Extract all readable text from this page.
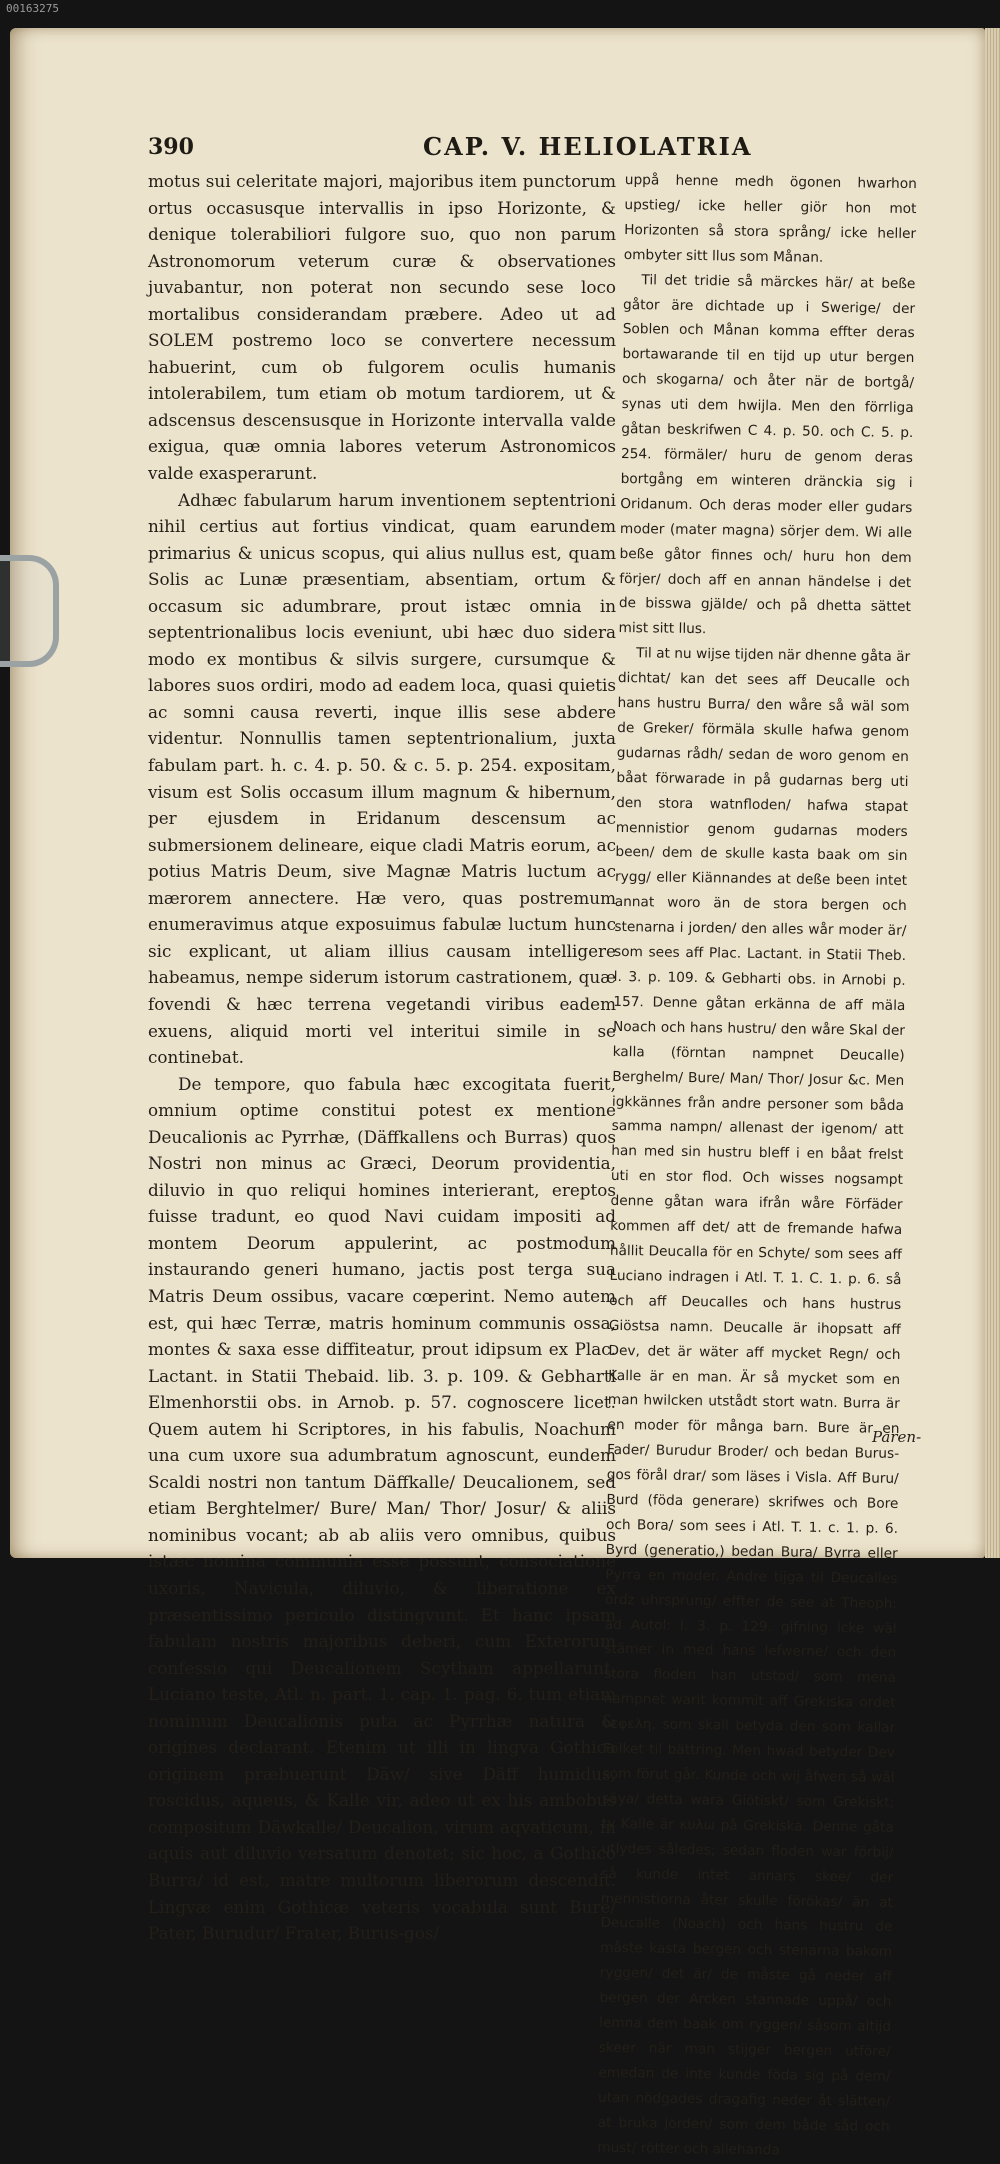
00163275
390	CAP. V. HELIOLATRIA

motus sui celeritate majori, majoribus item punctorum ortus occasusque intervallis in ipso Horizonte, & denique tolerabiliori fulgore suo, quo non parum Astronomorum veterum curæ & observationes juvabantur, non poterat non secundo sese loco mortalibus considerandam præbere. Adeo ut ad SOLEM postremo loco se convertere necessum habuerint, cum ob fulgorem oculis humanis intolerabilem, tum etiam ob motum tardiorem, ut & adscensus descensusque in Horizonte intervalla valde exigua, quæ omnia labores veterum Astronomicos valde exasperarunt.

Adhæc fabularum harum inventionem septentrioni nihil certius aut fortius vindicat, quam earundem primarius & unicus scopus, qui alius nullus est, quam Solis ac Lunæ præsentiam, absentiam, ortum & occasum sic adumbrare, prout istæc omnia in septentrionalibus locis eveniunt, ubi hæc duo sidera modo ex montibus & silvis surgere, cursumque & labores suos ordiri, modo ad eadem loca, quasi quietis ac somni causa reverti, inque illis sese abdere videntur. Nonnullis tamen septentrionalium, juxta fabulam part. h. c. 4. p. 50. & c. 5. p. 254. expositam, visum est Solis occasum illum magnum & hibernum, per ejusdem in Eridanum descensum ac submersionem delineare, eique cladi Matris eorum, ac potius Matris Deum, sive Magnæ Matris luctum ac mærorem annectere. Hæ vero, quas postremum enumeravimus atque exposuimus fabulæ luctum hunc sic explicant, ut aliam illius causam intelligere habeamus, nempe siderum istorum castrationem, quæ fovendi & hæc terrena vegetandi viribus eadem exuens, aliquid morti vel interitui simile in se continebat.

De tempore, quo fabula hæc excogitata fuerit, omnium optime constitui potest ex mentione Deucalionis ac Pyrrhæ, (Däffkallens och Burras) quos Nostri non minus ac Græci, Deorum providentia, diluvio in quo reliqui homines interierant, ereptos fuisse tradunt, eo quod Navi cuidam impositi ad montem Deorum appulerint, ac postmodum instaurando generi humano, jactis post terga sua Matris Deum ossibus, vacare cœperint. Nemo autem est, qui hæc Terræ, matris hominum communis ossa, montes & saxa esse diffiteatur, prout idipsum ex Plac. Lactant. in Statii Thebaid. lib. 3. p. 109. & Gebharti Elmenhorstii obs. in Arnob. p. 57. cognoscere licet. Quem autem hi Scriptores, in his fabulis, Noachum una cum uxore sua adumbratum agnoscunt, eundem Scaldi nostri non tantum Däffkalle/ Deucalionem, sed etiam Berghtelmer/ Bure/ Man/ Thor/ Josur/ & aliis nominibus vocant; ab ab aliis vero omnibus, quibus istæc nomina communia esse possunt, consociatione uxoris, Navicula, diluvio, & liberatione ex præsentissimo periculo distingvunt. Et hanc ipsam fabulam nostris majoribus deberi, cum Exterorum confessio qui Deucalionem Scytham appellarunt, Luciano teste, Atl. n. part. 1. cap. 1. pag. 6. tum etiam nominum Deucalionis puta ac Pyrrhæ natura & origines declarant. Etenim ut illi in lingva Gothica originem præbuerunt Däw/ sive Däff humidus, roscidus, aqueus, & Kalle vir, adeo ut ex his ambobus compositum Däwkalle/ Deucalion, virum aqvaticum, in aquis aut diluvio versatum denotet; sic hoc, a Gothico Burra/ id est, matre multorum liberorum descendit. Lingvæ enim Gothicæ veteris vocabula sunt Bure/ Pater, Burudur/ Frater, Burus-gos/

uppå henne medh ögonen hwarhon upstieg/ icke heller giör hon mot Horizonten så stora språng/ icke heller ombyter sitt llus som Månan.

Til det tridie så märckes här/ at beße gåtor äre dichtade up i Swerige/ der Soblen och Månan komma effter deras bortawarande til en tijd up utur bergen och skogarna/ och åter när de bortgå/ synas uti dem hwijla. Men den förrliga gåtan beskrifwen C 4. p. 50. och C. 5. p. 254. förmäler/ huru de genom deras bortgång em winteren dränckia sig i Oridanum. Och deras moder eller gudars moder (mater magna) sörjer dem. Wi alle beße gåtor finnes och/ huru hon dem förjer/ doch aff en annan händelse i det de bisswa gjälde/ och på dhetta sättet mist sitt llus.

Til at nu wijse tijden när dhenne gåta är dichtat/ kan det sees aff Deucalle och hans hustru Burra/ den wåre så wäl som de Greker/ förmäla skulle hafwa genom gudarnas rådh/ sedan de woro genom en båat förwarade in på gudarnas berg uti den stora watnfloden/ hafwa stapat mennistior genom gudarnas moders been/ dem de skulle kasta baak om sin rygg/ eller Kiännandes at deße been intet annat woro än de stora bergen och stenarna i jorden/ den alles wår moder är/ som sees aff Plac. Lactant. in Statii Theb. l. 3. p. 109. & Gebharti obs. in Arnobi p. 157. Denne gåtan erkänna de aff mäla Noach och hans hustru/ den wåre Skal der kalla (förntan nampnet Deucalle) Berghelm/ Bure/ Man/ Thor/ Josur &c. Men igkkännes från andre personer som båda samma nampn/ allenast der igenom/ att han med sin hustru bleff i en båat frelst uti en stor flod. Och wisses nogsampt denne gåtan wara ifrån wåre Förfäder kommen aff det/ att de fremande hafwa hållit Deucalla för en Schyte/ som sees aff Luciano indragen i Atl. T. 1. C. 1. p. 6. så och aff Deucalles och hans hustrus Giöstsa namn. Deucalle är ihopsatt aff Dev, det är wäter aff mycket Regn/ och Kalle är en man. Är så mycket som en man hwilcken utstådt stort watn. Burra är en moder för många barn. Bure är en Fader/ Burudur Broder/ och bedan Burus-gos förål drar/ som läses i Visla. Aff Buru/ Burd (föda generare) skrifwes och Bore och Bora/ som sees i Atl. T. 1. c. 1. p. 6. Byrd (generatio,) bedan Bura/ Byrra eller Pyrra en moder. Andre tijga til Deucalles ordz uhrsprung/ effter de see at Theoph: ad Autol: l. 3. p. 129. gifning icke wäl stämer in med hans lefwerne/ och den stora floden han utstod/ som mena nampnet warit kommit aff Grekiska ordet νεφελη, som skall betyda den som kallar Folket til bättring. Men hwad betyder Dev som förut går. Kunde och wij åfwen så wäl säya/ detta wara Giötiskt/ som Grekiskt; ty Kalle är κυλω på Grekiska. Denne gåta utlydes således; sedan floden war förbij/ så kunde intet annars skee/ der mennistiorna åter skulle förökas/ än at Deucalle (Noach) och hans hustru de måste kasta bergen och stenarna bakom ryggen/ det är/ de måste gå neder aff bergen der Arcken stannade uppå/ och lemna dem baak om ryggen/ såsom altijd skeer när man stijger bergen utföre/ emedan de inte kunde föda sig på dem/ utan nödgades dragafig neder åt slätten/ at bruka jorden/ som dem både såd och must/ rötter och allehanda

Paren-
